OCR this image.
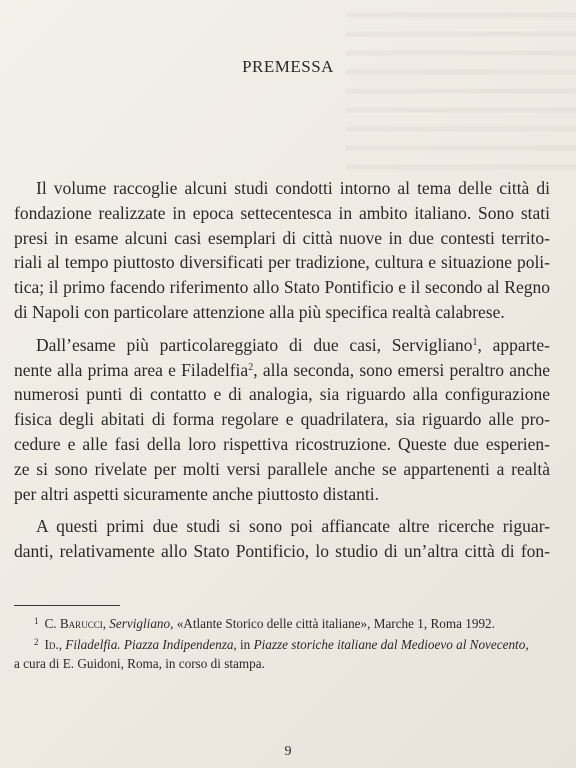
PREMESSA
Il volume raccoglie alcuni studi condotti intorno al tema delle città di
fondazione realizzate in epoca settecentesca in ambito italiano. Sono stati
presi in esame alcuni casi esemplari di città nuove in due contesti territo-
riali al tempo piuttosto diversificati per tradizione, cultura e situazione poli-
tica; il primo facendo riferimento allo Stato Pontificio e il secondo al Regno
di Napoli con particolare attenzione alla più specifica realtà calabrese.
Dall’esame più particolareggiato di due casi, Servigliano$^1$, apparte-
nente alla prima area e Filadelfia$^2$, alla seconda, sono emersi peraltro anche
numerosi punti di contatto e di analogia, sia riguardo alla configurazione
fisica degli abitati di forma regolare e quadrilatera, sia riguardo alle pro-
cedure e alle fasi della loro rispettiva ricostruzione. Queste due esperien-
ze si sono rivelate per molti versi parallele anche se appartenenti a realtà
per altri aspetti sicuramente anche piuttosto distanti.
A questi primi due studi si sono poi affiancate altre ricerche riguar-
danti, relativamente allo Stato Pontificio, lo studio di un’altra città di fon-
$^1$ C. Barucci, Servigliano, «Atlante Storico delle città italiane», Marche 1, Roma 1992.
$^2$ Id., Filadelfia. Piazza Indipendenza, in Piazze storiche italiane dal Medioevo al Novecento,
a cura di E. Guidoni, Roma, in corso di stampa.
9
